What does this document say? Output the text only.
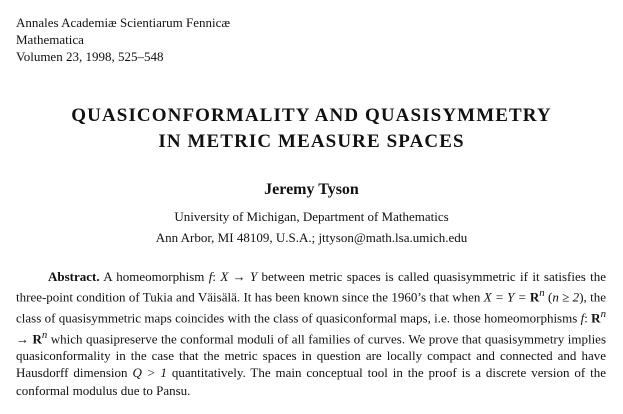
Annales Academiæ Scientiarum Fennicæ
Mathematica
Volumen 23, 1998, 525–548
QUASICONFORMALITY AND QUASISYMMETRY
IN METRIC MEASURE SPACES
Jeremy Tyson
University of Michigan, Department of Mathematics
Ann Arbor, MI 48109, U.S.A.; jttyson@math.lsa.umich.edu
Abstract. A homeomorphism f: X → Y between metric spaces is called quasisymmetric if it satisfies the three-point condition of Tukia and Väisälä. It has been known since the 1960’s that when $X = Y = R^n$ (n ≥ 2), the class of quasisymmetric maps coincides with the class of quasiconformal maps, i.e. those homeomorphisms f: $R^n \to R^n$ which quasipreserve the conformal moduli of all families of curves. We prove that quasisymmetry implies quasiconformality in the case that the metric spaces in question are locally compact and connected and have Hausdorff dimension Q > 1 quantitatively. The main conceptual tool in the proof is a discrete version of the conformal modulus due to Pansu.
